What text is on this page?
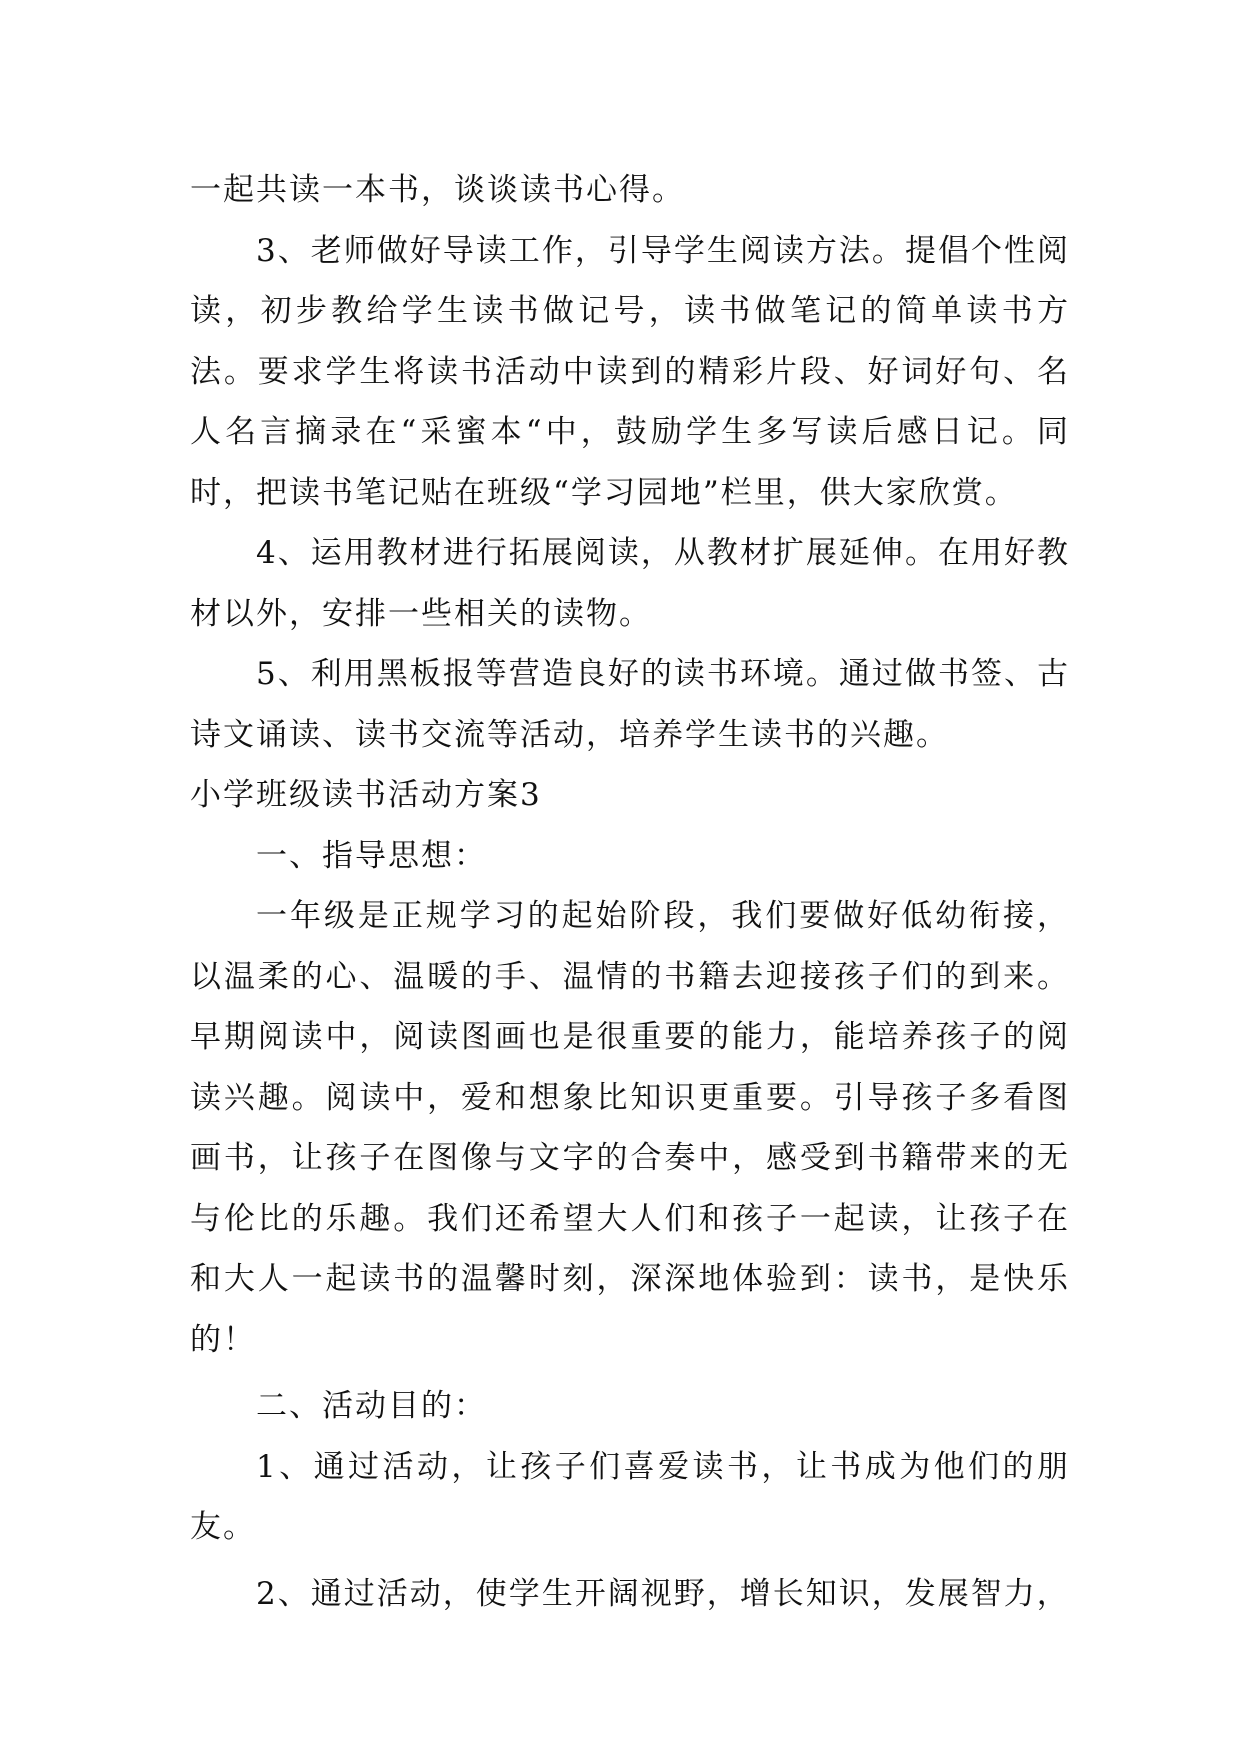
一起共读一本书，谈谈读书心得。

3、老师做好导读工作，引导学生阅读方法。提倡个性阅读，初步教给学生读书做记号，读书做笔记的简单读书方法。要求学生将读书活动中读到的精彩片段、好词好句、名人名言摘录在“采蜜本“中，鼓励学生多写读后感日记。同时，把读书笔记贴在班级“学习园地”栏里，供大家欣赏。

4、运用教材进行拓展阅读，从教材扩展延伸。在用好教材以外，安排一些相关的读物。

5、利用黑板报等营造良好的读书环境。通过做书签、古诗文诵读、读书交流等活动，培养学生读书的兴趣。

小学班级读书活动方案3

一、指导思想：

一年级是正规学习的起始阶段，我们要做好低幼衔接，以温柔的心、温暖的手、温情的书籍去迎接孩子们的到来。早期阅读中，阅读图画也是很重要的能力，能培养孩子的阅读兴趣。阅读中，爱和想象比知识更重要。引导孩子多看图画书，让孩子在图像与文字的合奏中，感受到书籍带来的无与伦比的乐趣。我们还希望大人们和孩子一起读，让孩子在和大人一起读书的温馨时刻，深深地体验到：读书，是快乐的！

二、活动目的：

1、通过活动，让孩子们喜爱读书，让书成为他们的朋友。

2、通过活动，使学生开阔视野，增长知识，发展智力，
